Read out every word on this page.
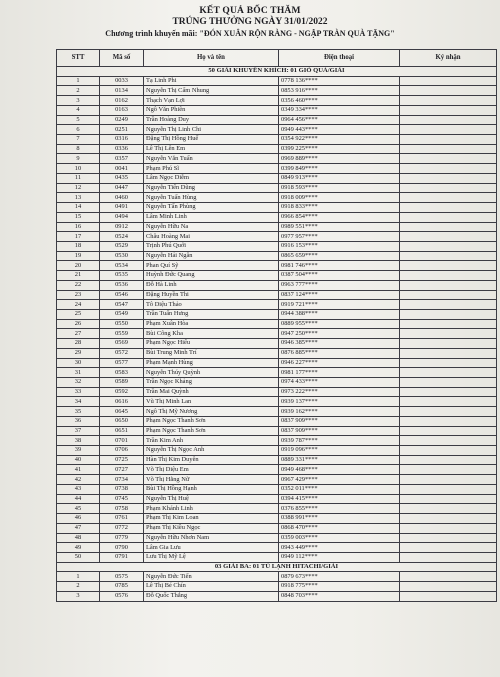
KẾT QUẢ BỐC THĂM
TRÚNG THƯỞNG NGÀY 31/01/2022
Chương trình khuyến mãi: "ĐÓN XUÂN RỘN RÀNG - NGẬP TRÀN QUÀ TẶNG"
STT	Mã số	Họ và tên	Điện thoại	Ký nhận
50 GIẢI KHUYẾN KHÍCH: 01 GIỎ QUÀ/GIẢI				
1	0033	Tạ Linh Phi	0778 136****	
2	0134	Nguyễn Thị Cẩm Nhung	0853 916****	
3	0162	Thạch Vạn Lợi	0356 460****	
4	0163	Ngô Văn Phiên	0349 334****	
5	0249	Trần Hoàng Duy	0964 456****	
6	0251	Nguyễn Thị Linh Chi	0949 443****	
7	0316	Đặng Thị Hồng Huế	0354 922****	
8	0336	Lê Thị Lên Em	0399 225****	
9	0357	Nguyễn Văn Tuấn	0969 889****	
10	0041	Phạm Phú Sĩ	0399 849****	
11	0435	Lâm Ngọc Diễm	0849 913****	
12	0447	Nguyễn Tiến Dũng	0918 593****	
13	0460	Nguyễn Tuấn Hùng	0918 009****	
14	0491	Nguyễn Tấn Phùng	0918 833****	
15	0494	Lâm Minh Linh	0966 854****	
16	0912	Nguyễn Hữu Na	0989 551****	
17	0524	Châu Hoàng Mai	0977 957****	
18	0529	Trịnh Phú Quới	0916 153****	
19	0530	Nguyễn Hải Ngân	0865 659****	
20	0534	Phan Quí Sỹ	0981 746****	
21	0535	Huỳnh Đức Quang	0387 504****	
22	0536	Đỗ Hà Linh	0963 777****	
23	0546	Đặng Huyền Thi	0837 124****	
24	0547	Tô Diệu Thảo	0919 721****	
25	0549	Trần Tuấn Hưng	0944 388****	
26	0550	Phạm Xuân Hòa	0889 955****	
27	0559	Bùi Công Kha	0947 250****	
28	0569	Phạm Ngọc Hiếu	0946 385****	
29	0572	Bùi Trung Minh Trí	0876 885****	
30	0577	Phạm Mạnh Hùng	0946 227****	
31	0583	Nguyễn Thúy Quỳnh	0981 177****	
32	0589	Trần Ngọc Khảng	0974 433****	
33	0592	Trần Mai Quỳnh	0973 222****	
34	0616	Vũ Thị Minh Lan	0939 137****	
35	0645	Ngô Thị Mỹ Nương	0939 162****	
36	0650	Phạm Ngọc Thanh Sơn	0837 909****	
37	0651	Phạm Ngọc Thanh Sơn	0837 909****	
38	0701	Trần Kim Anh	0939 787****	
39	0706	Nguyễn Thị Ngọc Anh	0919 096****	
40	0725	Hàn Thị Kim Duyên	0889 331****	
41	0727	Võ Thị Diệu Em	0949 468****	
42	0734	Võ Thị Hằng Nữ	0967 429****	
43	0738	Bùi Thị Hồng Hạnh	0352 011****	
44	0745	Nguyễn Thị Huệ	0394 415****	
45	0758	Phạm Khánh Linh	0376 855****	
46	0761	Phạm Thị Kim Loan	0388 991****	
47	0772	Phạm Thị Kiều Ngọc	0868 470****	
48	0779	Nguyễn Hữu Nhơn Nam	0359 003****	
49	0790	Lâm Gia Lưu	0943 449****	
50	0791	Lưu Thị Mỹ Lệ	0949 112****	
03 GIẢI BA: 01 TỦ LẠNH HITACHI/GIẢI				
1	0575	Nguyễn Đức Tiến	0879 673****	
2	0785	Lê Thị Bé Chín	0918 775****	
3	0576	Đỗ Quốc Thắng	0848 703****	
